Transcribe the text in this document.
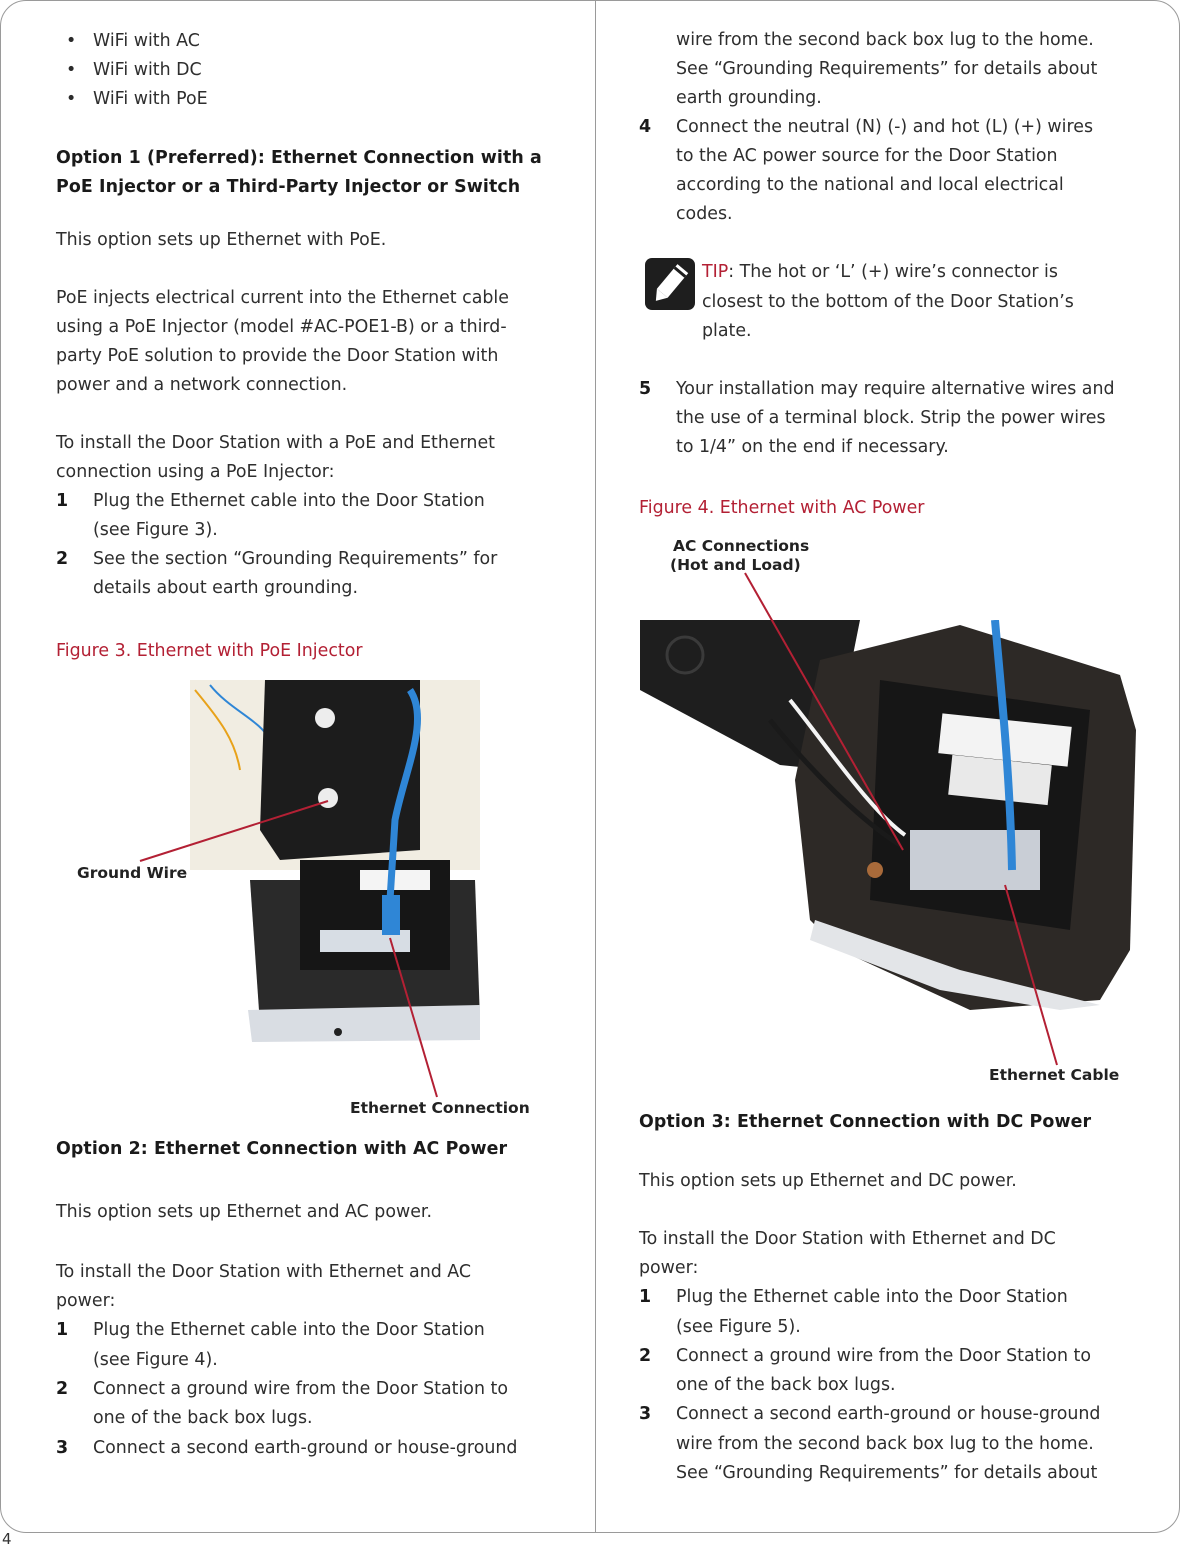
4
• WiFi with AC
• WiFi with DC
• WiFi with PoE
Option 1 (Preferred): Ethernet Connection with a
PoE Injector or a Third-Party Injector or Switch
This option sets up Ethernet with PoE.
PoE injects electrical current into the Ethernet cable
using a PoE Injector (model #AC-POE1-B) or a third-
party PoE solution to provide the Door Station with
power and a network connection.
To install the Door Station with a PoE and Ethernet
connection using a PoE Injector:
1 Plug the Ethernet cable into the Door Station
(see Figure 3).
2 See the section “Grounding Requirements” for
details about earth grounding.
Figure 3. Ethernet with PoE Injector
Option 2: Ethernet Connection with AC Power
This option sets up Ethernet and AC power.
To install the Door Station with Ethernet and AC
power:
1 Plug the Ethernet cable into the Door Station
(see Figure 4).
2 Connect a ground wire from the Door Station to
one of the back box lugs.
3 Connect a second earth-ground or house-ground
Ground Wire
Ethernet Connection
wire from the second back box lug to the home.
See “Grounding Requirements” for details about
earth grounding.
4 Connect the neutral (N) (-) and hot (L) (+) wires
to the AC power source for the Door Station
according to the national and local electrical
codes.
TIP: The hot or ‘L’ (+) wire’s connector is
closest to the bottom of the Door Station’s
plate.
5 Your installation may require alternative wires and
the use of a terminal block. Strip the power wires
to 1/4” on the end if necessary.
Figure 4. Ethernet with AC Power
Option 3: Ethernet Connection with DC Power
This option sets up Ethernet and DC power.
To install the Door Station with Ethernet and DC
power:
1 Plug the Ethernet cable into the Door Station
(see Figure 5).
2 Connect a ground wire from the Door Station to
one of the back box lugs.
3 Connect a second earth-ground or house-ground
wire from the second back box lug to the home.
See “Grounding Requirements” for details about
AC Connections
(Hot and Load)
Ethernet Cable
